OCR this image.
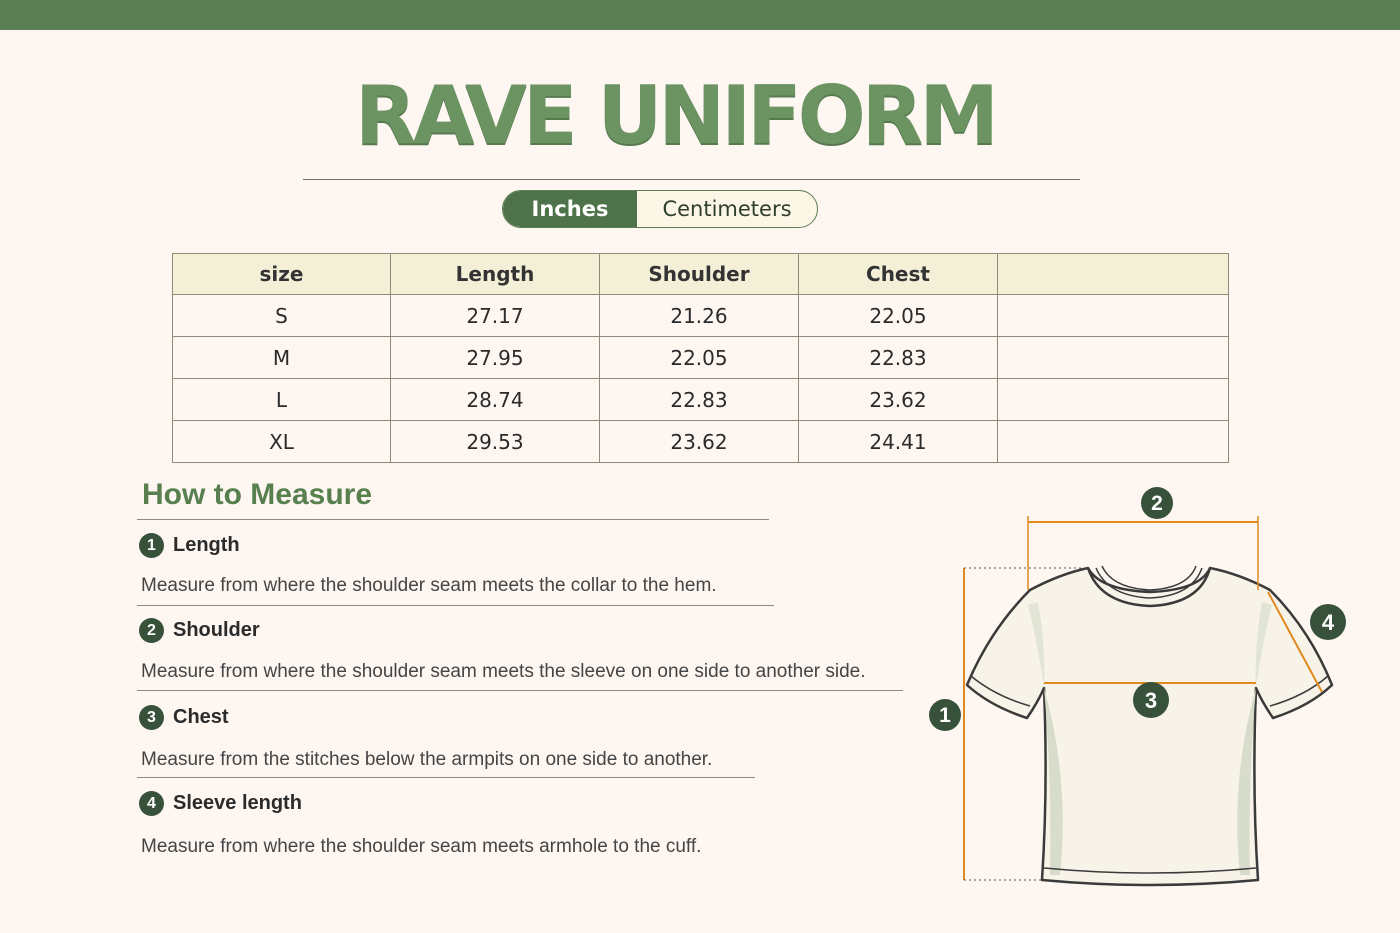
RAVE UNIFORM
Inches	Centimeters
size	Length	Shoulder	Chest	
S	27.17	21.26	22.05	
M	27.95	22.05	22.83	
L	28.74	22.83	23.62	
XL	29.53	23.62	24.41	
How to Measure
1 Length
Measure from where the shoulder seam meets the collar to the hem.
2 Shoulder
Measure from where the shoulder seam meets the sleeve on one side to another side.
3 Chest
Measure from the stitches below the armpits on one side to another.
4 Sleeve length
Measure from where the shoulder seam meets armhole to the cuff.
1
2
3
4
